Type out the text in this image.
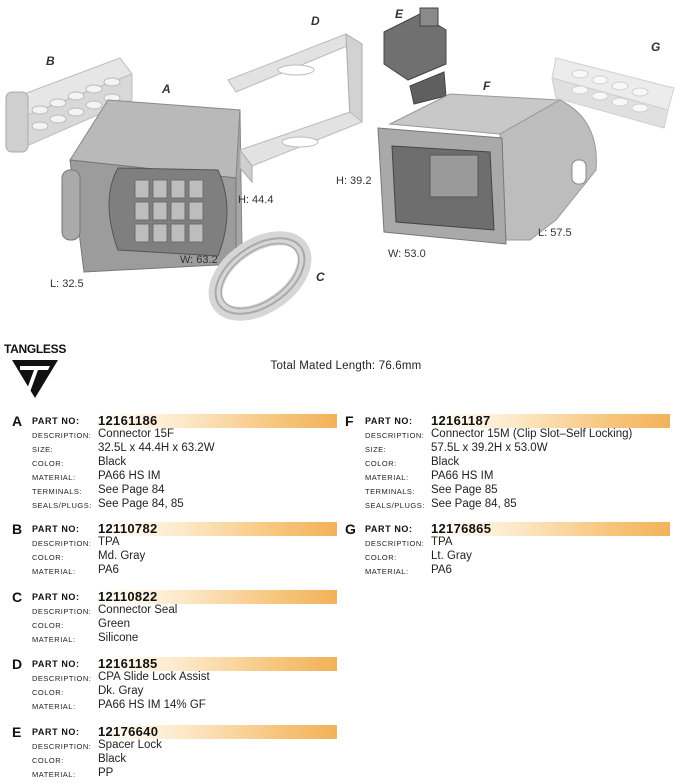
B
A
D	E
F
G
C
H: 44.4
W: 63.2
L: 32.5
H: 39.2
W: 53.0
L: 57.5
TANGLESS
Total Mated Length: 76.6mm
A PART NO: 12161186
DESCRIPTION: Connector 15F
SIZE:	32.5L x 44.4H x 63.2W
COLOR:	Black
MATERIAL: PA66 HS IM
TERMINALS: See Page 84
SEALS/PLUGS: See Page 84, 85
B PART NO: 12110782
DESCRIPTION: TPA
COLOR:	Md. Gray
MATERIAL: PA6
C PART NO: 12110822
DESCRIPTION: Connector Seal
COLOR:	Green
MATERIAL: Silicone
D PART NO: 12161185
DESCRIPTION: CPA Slide Lock Assist
COLOR:	Dk. Gray
MATERIAL: PA66 HS IM 14% GF
E PART NO: 12176640
DESCRIPTION: Spacer Lock
COLOR:	Black
MATERIAL: PP
F PART NO: 12161187
DESCRIPTION: Connector 15M (Clip Slot–Self Locking)
SIZE:	57.5L x 39.2H x 53.0W
COLOR:	Black
MATERIAL: PA66 HS IM
TERMINALS: See Page 85
SEALS/PLUGS: See Page 84, 85
G PART NO: 12176865
DESCRIPTION: TPA
COLOR:	Lt. Gray
MATERIAL: PA6
